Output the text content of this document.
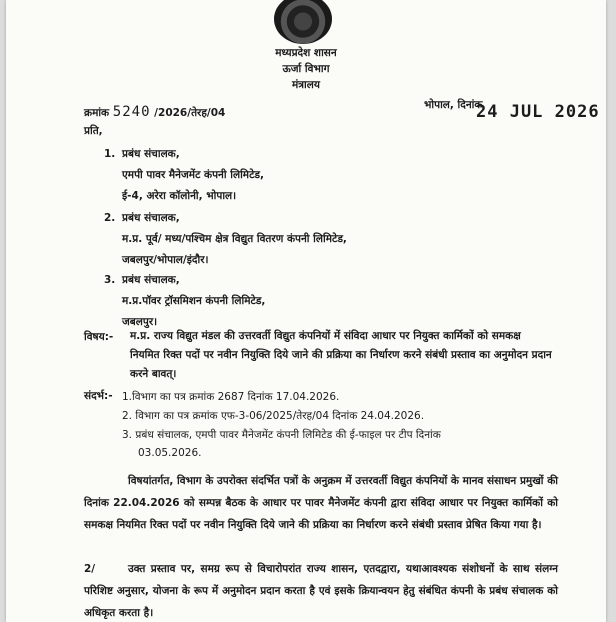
मध्यप्रदेश शासन
ऊर्जा विभाग
मंत्रालय
क्रमांक 5240 /2026/तेरह/04
भोपाल, दिनांक
24 JUL 2026
प्रति,
1. प्रबंध संचालक,
एमपी पावर मैनेजमेंट कंपनी लिमिटेड,
ई-4, अरेरा कॉलोनी, भोपाल।
2. प्रबंध संचालक,
म.प्र. पूर्व/ मध्य/पश्चिम क्षेत्र विद्युत वितरण कंपनी लिमिटेड,
जबलपुर/भोपाल/इंदौर।
3. प्रबंध संचालक,
म.प्र.पॉवर ट्रॉसमिशन कंपनी लिमिटेड,
जबलपुर।
विषय:- म.प्र. राज्य विद्युत मंडल की उत्तरवर्ती विद्युत कंपनियों में संविदा आधार पर नियुक्त कार्मिकों को समकक्ष नियमित रिक्त पदों पर नवीन नियुक्ति दिये जाने की प्रक्रिया का निर्धारण करने संबंधी प्रस्ताव का अनुमोदन प्रदान करने बावत्।
संदर्भ:- 1.विभाग का पत्र क्रमांक 2687 दिनांक 17.04.2026.
2. विभाग का पत्र क्रमांक एफ-3-06/2025/तेरह/04 दिनांक 24.04.2026.
3. प्रबंध संचालक, एमपी पावर मैनेजमेंट कंपनी लिमिटेड की ई-फाइल पर टीप दिनांक
03.05.2026.
विषयांतर्गत, विभाग के उपरोक्त संदर्भित पत्रों के अनुक्रम में उत्तरवर्ती विद्युत कंपनियों के मानव संसाधन प्रमुखों की दिनांक 22.04.2026 को सम्पन्न बैठक के आधार पर पावर मैनेजमेंट कंपनी द्वारा संविदा आधार पर नियुक्त कार्मिकों को समकक्ष नियमित रिक्त पदों पर नवीन नियुक्ति दिये जाने की प्रक्रिया का निर्धारण करने संबंधी प्रस्ताव प्रेषित किया गया है।
2/	उक्त प्रस्ताव पर, समग्र रूप से विचारोपरांत राज्य शासन, एतदद्वारा, यथाआवश्यक संशोधनों के साथ संलग्न परिशिष्ट अनुसार, योजना के रूप में अनुमोदन प्रदान करता है एवं इसके क्रियान्वयन हेतु संबंधित कंपनी के प्रबंध संचालक को अधिकृत करता है।
